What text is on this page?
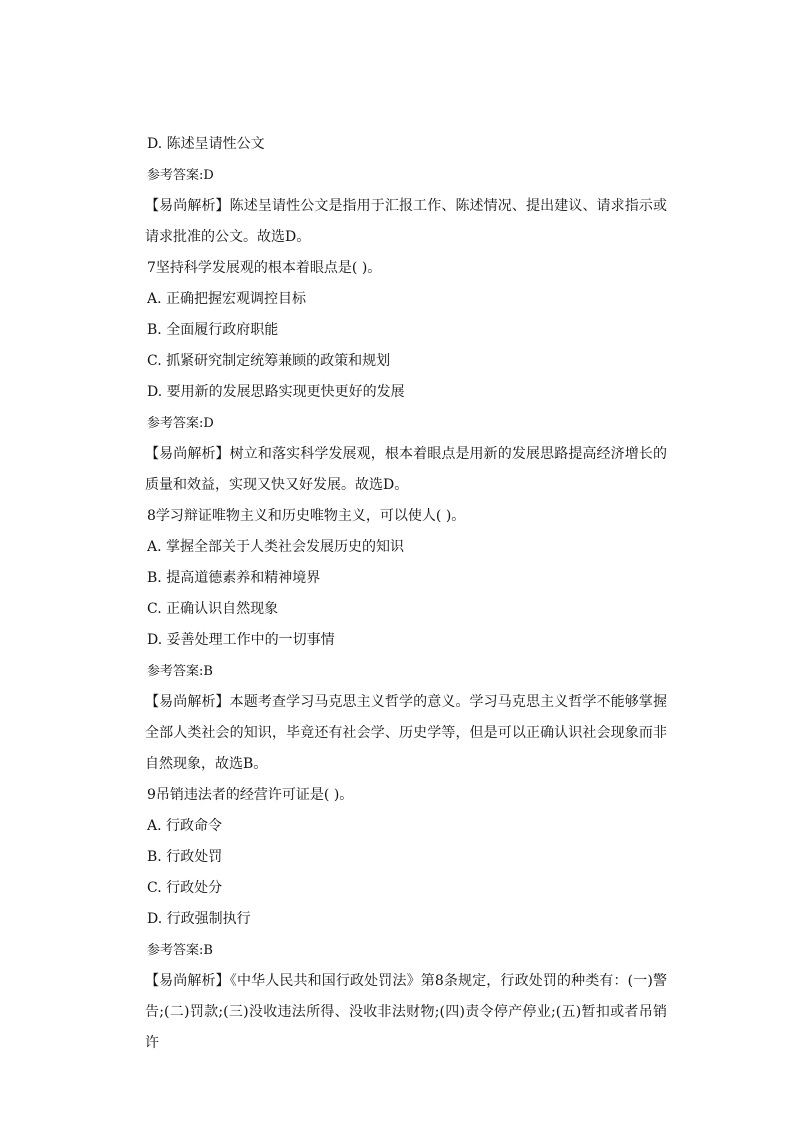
D. 陈述呈请性公文
参考答案:D
【易尚解析】陈述呈请性公文是指用于汇报工作、陈述情况、提出建议、请求指示或请求批准的公文。故选D。
7坚持科学发展观的根本着眼点是( )。
A. 正确把握宏观调控目标
B. 全面履行政府职能
C. 抓紧研究制定统筹兼顾的政策和规划
D. 要用新的发展思路实现更快更好的发展
参考答案:D
【易尚解析】树立和落实科学发展观，根本着眼点是用新的发展思路提高经济增长的质量和效益，实现又快又好发展。故选D。
8学习辩证唯物主义和历史唯物主义，可以使人( )。
A. 掌握全部关于人类社会发展历史的知识
B. 提高道德素养和精神境界
C. 正确认识自然现象
D. 妥善处理工作中的一切事情
参考答案:B
【易尚解析】本题考查学习马克思主义哲学的意义。学习马克思主义哲学不能够掌握全部人类社会的知识，毕竟还有社会学、历史学等，但是可以正确认识社会现象而非自然现象，故选B。
9吊销违法者的经营许可证是( )。
A. 行政命令
B. 行政处罚
C. 行政处分
D. 行政强制执行
参考答案:B
【易尚解析】《中华人民共和国行政处罚法》第8条规定，行政处罚的种类有：(一)警告;(二)罚款;(三)没收违法所得、没收非法财物;(四)责令停产停业;(五)暂扣或者吊销许
